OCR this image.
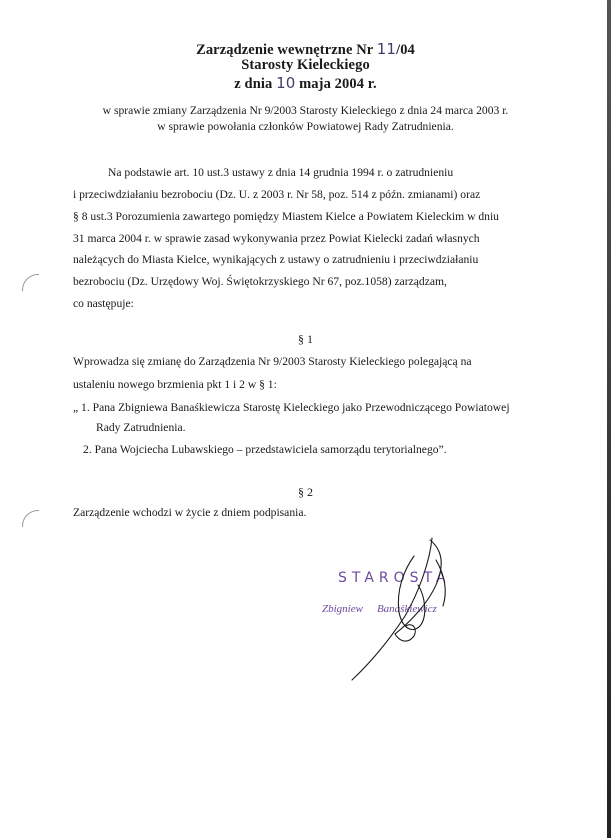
Zarządzenie wewnętrzne Nr 11/04
Starosty Kieleckiego
z dnia 10 maja 2004 r.
w sprawie zmiany Zarządzenia Nr 9/2003 Starosty Kieleckiego z dnia 24 marca 2003 r.
w sprawie powołania członków Powiatowej Rady Zatrudnienia.
Na podstawie art. 10 ust.3 ustawy z dnia 14 grudnia 1994 r. o zatrudnieniu
i przeciwdziałaniu bezrobociu (Dz. U. z 2003 r. Nr 58, poz. 514 z późn. zmianami) oraz
§ 8 ust.3 Porozumienia zawartego pomiędzy Miastem Kielce a Powiatem Kieleckim w dniu
31 marca 2004 r. w sprawie zasad wykonywania przez Powiat Kielecki zadań własnych
należących do Miasta Kielce, wynikających z ustawy o zatrudnieniu i przeciwdziałaniu
bezrobociu (Dz. Urzędowy Woj. Świętokrzyskiego Nr 67, poz.1058) zarządzam,
co następuje:
§ 1
Wprowadza się zmianę do Zarządzenia Nr 9/2003 Starosty Kieleckiego polegającą na
ustaleniu nowego brzmienia pkt 1 i 2 w § 1:
„ 1. Pana Zbigniewa Banaśkiewicza Starostę Kieleckiego jako Przewodniczącego Powiatowej
Rady Zatrudnienia.
2. Pana Wojciecha Lubawskiego – przedstawiciela samorządu terytorialnego”.
§ 2
Zarządzenie wchodzi w życie z dniem podpisania.
STAROSTA
Zbigniew Banaśkiewicz
